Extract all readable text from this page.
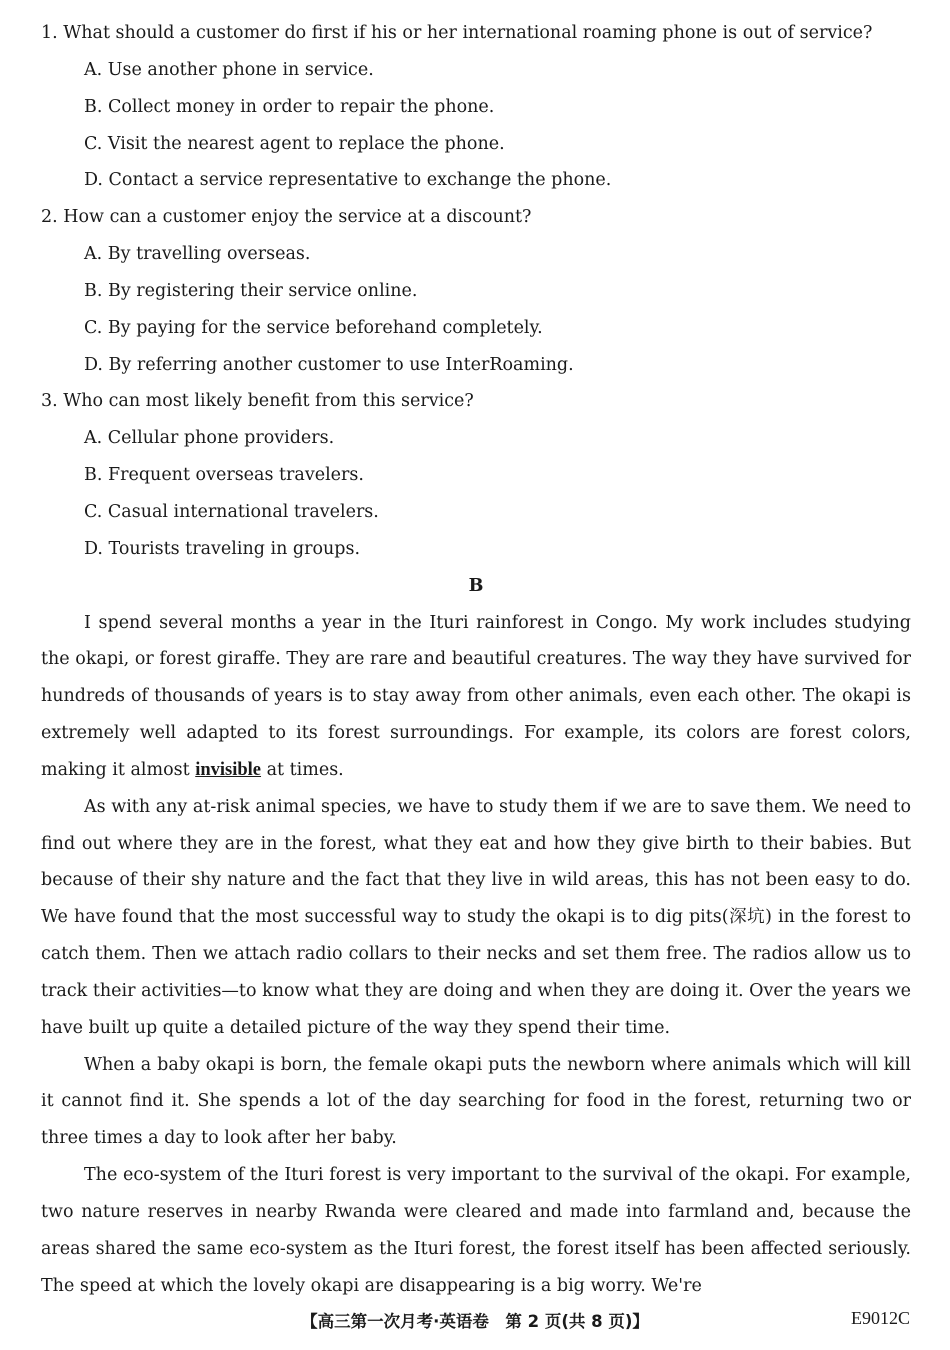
1. What should a customer do first if his or her international roaming phone is out of service?
A. Use another phone in service.
B. Collect money in order to repair the phone.
C. Visit the nearest agent to replace the phone.
D. Contact a service representative to exchange the phone.
2. How can a customer enjoy the service at a discount?
A. By travelling overseas.
B. By registering their service online.
C. By paying for the service beforehand completely.
D. By referring another customer to use InterRoaming.
3. Who can most likely benefit from this service?
A. Cellular phone providers.
B. Frequent overseas travelers.
C. Casual international travelers.
D. Tourists traveling in groups.
B

I spend several months a year in the Ituri rainforest in Congo. My work includes studying the okapi, or forest giraffe. They are rare and beautiful creatures. The way they have survived for hundreds of thousands of years is to stay away from other animals, even each other. The okapi is extremely well adapted to its forest surroundings. For example, its colors are forest colors, making it almost invisible at times.

As with any at-risk animal species, we have to study them if we are to save them. We need to find out where they are in the forest, what they eat and how they give birth to their babies. But because of their shy nature and the fact that they live in wild areas, this has not been easy to do. We have found that the most successful way to study the okapi is to dig pits(深坑) in the forest to catch them. Then we attach radio collars to their necks and set them free. The radios allow us to track their activities—to know what they are doing and when they are doing it. Over the years we have built up quite a detailed picture of the way they spend their time.

When a baby okapi is born, the female okapi puts the newborn where animals which will kill it cannot find it. She spends a lot of the day searching for food in the forest, returning two or three times a day to look after her baby.

The eco-system of the Ituri forest is very important to the survival of the okapi. For example, two nature reserves in nearby Rwanda were cleared and made into farmland and, because the areas shared the same eco-system as the Ituri forest, the forest itself has been affected seriously. The speed at which the lovely okapi are disappearing is a big worry. We're

【高三第一次月考·英语卷　第 2 页(共 8 页)】	E9012C
